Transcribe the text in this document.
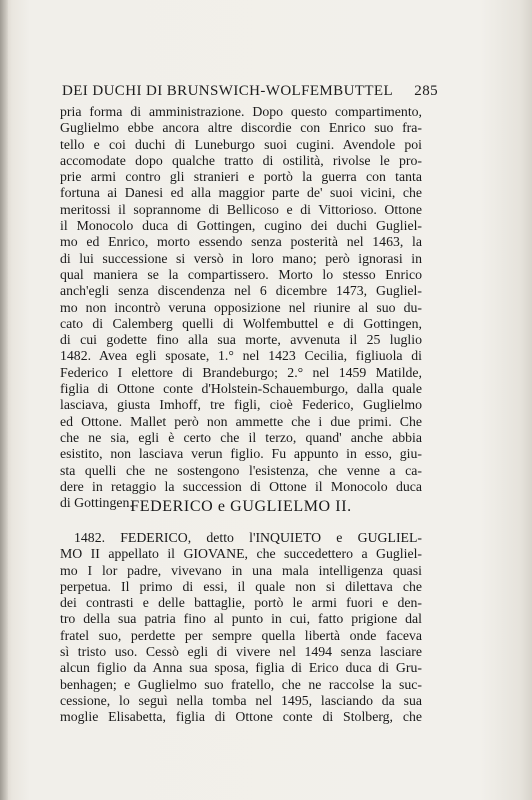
DEI DUCHI DI BRUNSWICH-WOLFEMBUTTEL 285
pria forma di amministrazione. Dopo questo compartimento,
Guglielmo ebbe ancora altre discordie con Enrico suo fra-
tello e coi duchi di Luneburgo suoi cugini. Avendole poi
accomodate dopo qualche tratto di ostilità, rivolse le pro-
prie armi contro gli stranieri e portò la guerra con tanta
fortuna ai Danesi ed alla maggior parte de' suoi vicini, che
meritossi il soprannome di Bellicoso e di Vittorioso. Ottone
il Monocolo duca di Gottingen, cugino dei duchi Gugliel-
mo ed Enrico, morto essendo senza posterità nel 1463, la
di lui successione si versò in loro mano; però ignorasi in
qual maniera se la compartissero. Morto lo stesso Enrico
anch'egli senza discendenza nel 6 dicembre 1473, Gugliel-
mo non incontrò veruna opposizione nel riunire al suo du-
cato di Calemberg quelli di Wolfembuttel e di Gottingen,
di cui godette fino alla sua morte, avvenuta il 25 luglio
1482. Avea egli sposate, 1.° nel 1423 Cecilia, figliuola di
Federico I elettore di Brandeburgo; 2.° nel 1459 Matilde,
figlia di Ottone conte d'Holstein-Schauemburgo, dalla quale
lasciava, giusta Imhoff, tre figli, cioè Federico, Guglielmo
ed Ottone. Mallet però non ammette che i due primi. Che
che ne sia, egli è certo che il terzo, quand' anche abbia
esistito, non lasciava verun figlio. Fu appunto in esso, giu-
sta quelli che ne sostengono l'esistenza, che venne a ca-
dere in retaggio la succession di Ottone il Monocolo duca
di Gottingen.
FEDERICO e GUGLIELMO II.
1482. FEDERICO, detto l'INQUIETO e GUGLIEL-
MO II appellato il GIOVANE, che succedettero a Gugliel-
mo I lor padre, vivevano in una mala intelligenza quasi
perpetua. Il primo di essi, il quale non si dilettava che
dei contrasti e delle battaglie, portò le armi fuori e den-
tro della sua patria fino al punto in cui, fatto prigione dal
fratel suo, perdette per sempre quella libertà onde faceva
sì tristo uso. Cessò egli di vivere nel 1494 senza lasciare
alcun figlio da Anna sua sposa, figlia di Erico duca di Gru-
benhagen; e Guglielmo suo fratello, che ne raccolse la suc-
cessione, lo seguì nella tomba nel 1495, lasciando da sua
moglie Elisabetta, figlia di Ottone conte di Stolberg, che
